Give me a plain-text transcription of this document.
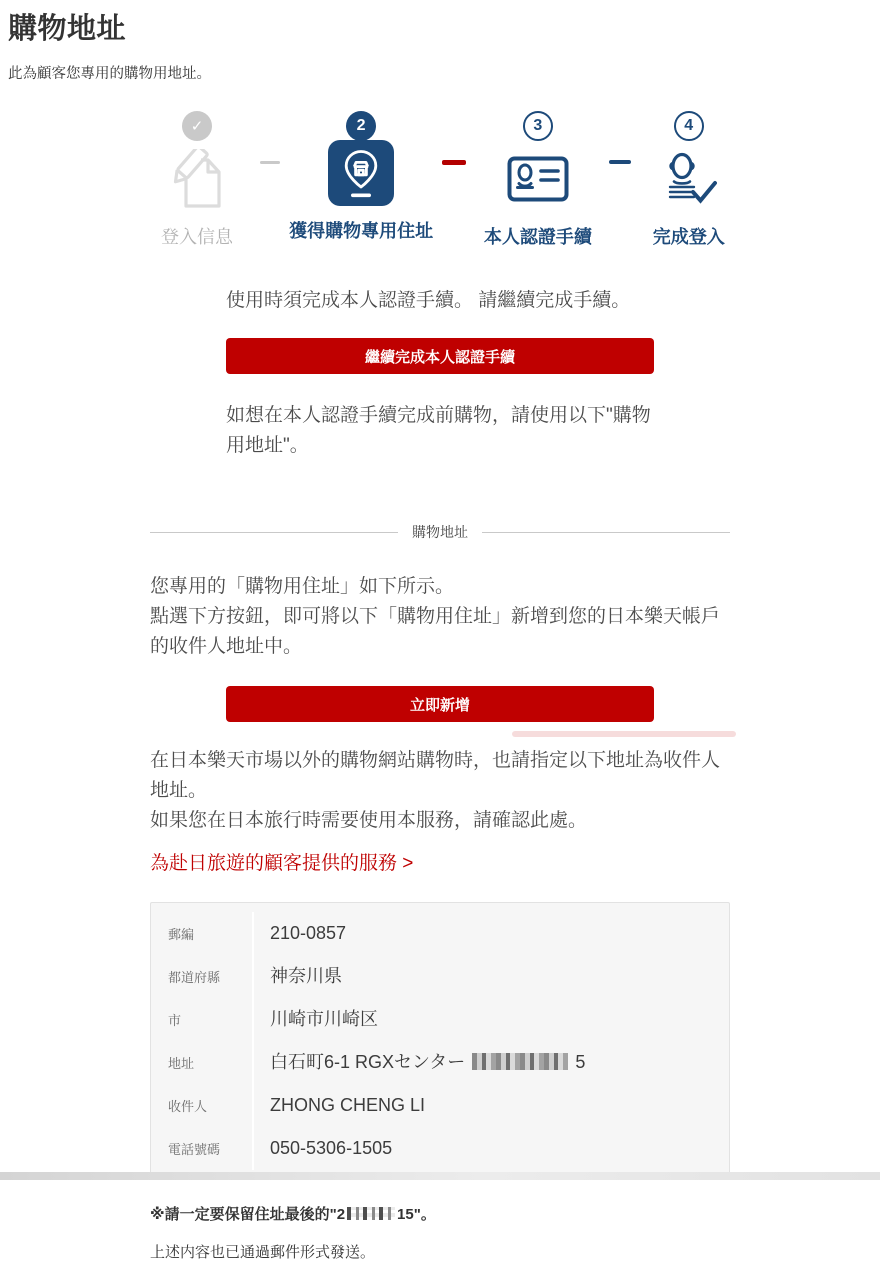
購物地址

此為顧客您專用的購物用地址。

✓
登入信息
2
獲得購物專用住址
3
本人認證手續
4
完成登入

使用時須完成本人認證手續。 請繼續完成手續。

繼續完成本人認證手續

如想在本人認證手續完成前購物，請使用以下"購物用地址"。

購物地址

您專用的「購物用住址」如下所示。

點選下方按鈕，即可將以下「購物用住址」新增到您的日本樂天帳戶的收件人地址中。

立即新增

在日本樂天市場以外的購物網站購物時，也請指定以下地址為收件人地址。

如果您在日本旅行時需要使用本服務，請確認此處。

為赴日旅遊的顧客提供的服務 >
郵編	210-0857
都道府縣	神奈川県
市	川崎市川崎区
地址	白石町6-1 RGXセンター	5
收件人	ZHONG CHENG LI
電話號碼	050-5306-1505

※請一定要保留住址最後的"2	15"。

上述内容也已通過郵件形式發送。
